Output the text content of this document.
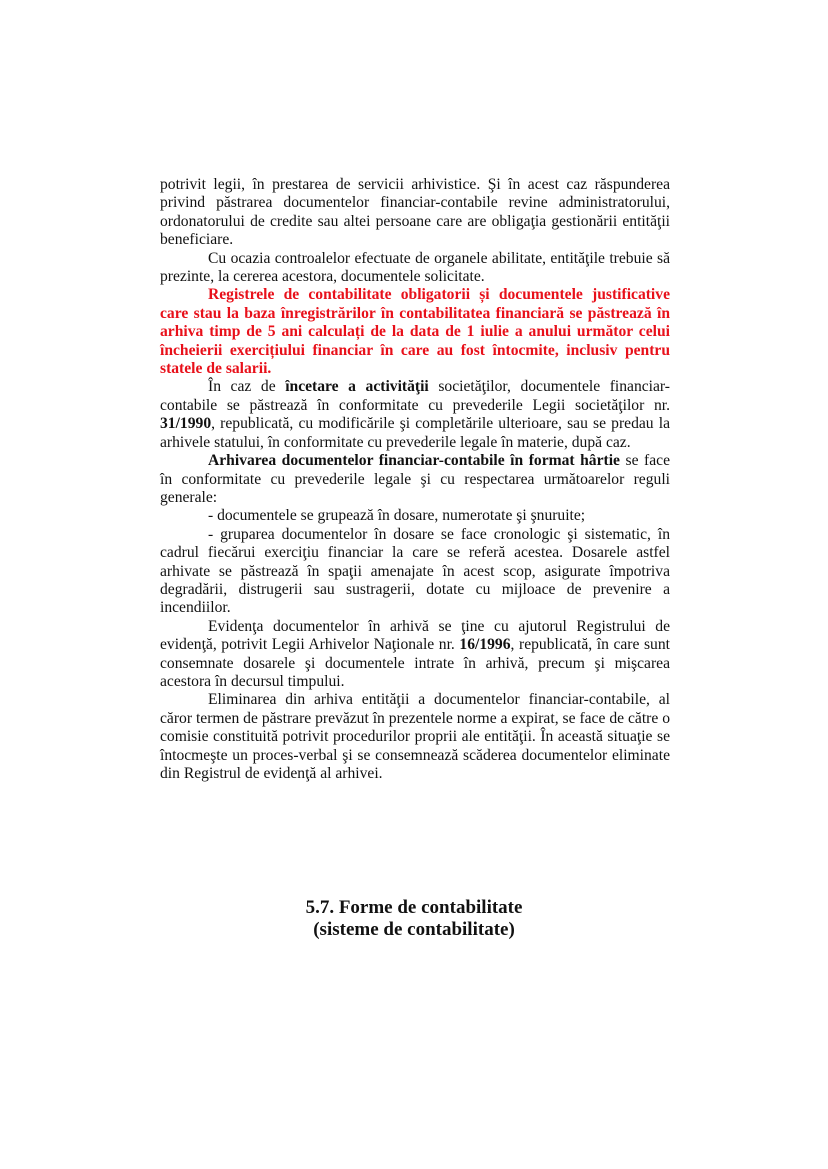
potrivit legii, în prestarea de servicii arhivistice. Şi în acest caz răspunderea privind păstrarea documentelor financiar-contabile revine administratorului, ordonatorului de credite sau altei persoane care are obligaţia gestionării entităţii beneficiare.

Cu ocazia controalelor efectuate de organele abilitate, entităţile trebuie să prezinte, la cererea acestora, documentele solicitate.

Registrele de contabilitate obligatorii și documentele justificative care stau la baza înregistrărilor în contabilitatea financiară se păstrează în arhiva timp de 5 ani calculați de la data de 1 iulie a anului următor celui încheierii exercițiului financiar în care au fost întocmite, inclusiv pentru statele de salarii.

În caz de încetare a activităţii societăţilor, documentele financiar-contabile se păstrează în conformitate cu prevederile Legii societăţilor nr. 31/1990, republicată, cu modificările şi completările ulterioare, sau se predau la arhivele statului, în conformitate cu prevederile legale în materie, după caz.

Arhivarea documentelor financiar-contabile în format hârtie se face în conformitate cu prevederile legale şi cu respectarea următoarelor reguli generale:

- documentele se grupează în dosare, numerotate şi şnuruite;

- gruparea documentelor în dosare se face cronologic şi sistematic, în cadrul fiecărui exerciţiu financiar la care se referă acestea. Dosarele astfel arhivate se păstrează în spaţii amenajate în acest scop, asigurate împotriva degradării, distrugerii sau sustragerii, dotate cu mijloace de prevenire a incendiilor.

Evidenţa documentelor în arhivă se ţine cu ajutorul Registrului de evidenţă, potrivit Legii Arhivelor Naţionale nr. 16/1996, republicată, în care sunt consemnate dosarele şi documentele intrate în arhivă, precum şi mişcarea acestora în decursul timpului.

Eliminarea din arhiva entităţii a documentelor financiar-contabile, al căror termen de păstrare prevăzut în prezentele norme a expirat, se face de către o comisie constituită potrivit procedurilor proprii ale entităţii. În această situaţie se întocmeşte un proces-verbal şi se consemnează scăderea documentelor eliminate din Registrul de evidenţă al arhivei.

5.7. Forme de contabilitate
(sisteme de contabilitate)
